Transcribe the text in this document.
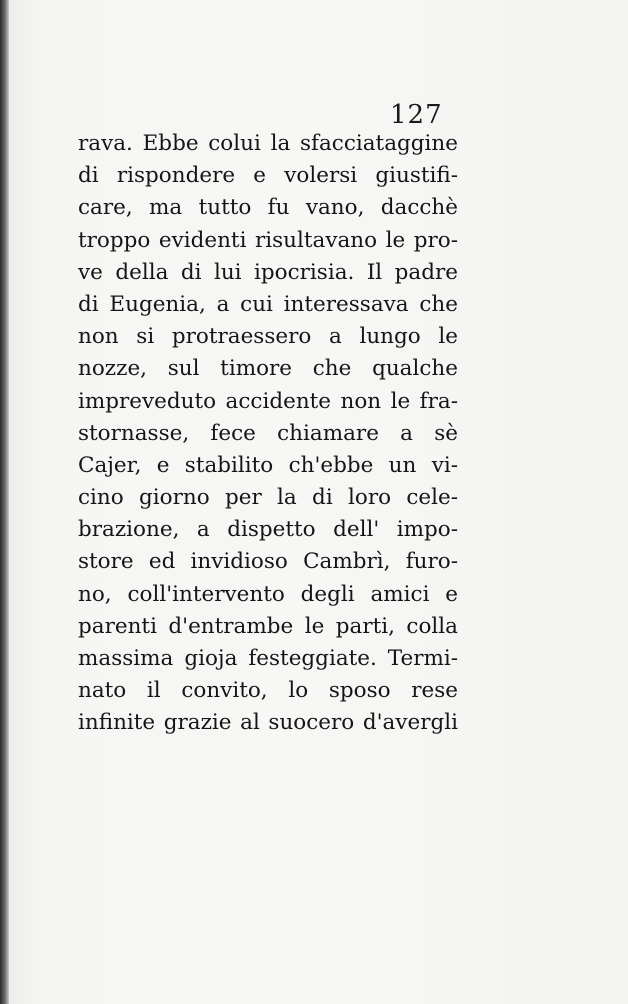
127
rava. Ebbe colui la sfacciataggine
di rispondere e volersi giustifi-
care, ma tutto fu vano, dacchè
troppo evidenti risultavano le pro-
ve della di lui ipocrisia. Il padre
di Eugenia, a cui interessava che
non si protraessero a lungo le
nozze, sul timore che qualche
impreveduto accidente non le fra-
stornasse, fece chiamare a sè
Cajer, e stabilito ch'ebbe un vi-
cino giorno per la di loro cele-
brazione, a dispetto dell' impo-
store ed invidioso Cambrì, furo-
no, coll'intervento degli amici e
parenti d'entrambe le parti, colla
massima gioja festeggiate. Termi-
nato il convito, lo sposo rese
infinite grazie al suocero d'avergli
